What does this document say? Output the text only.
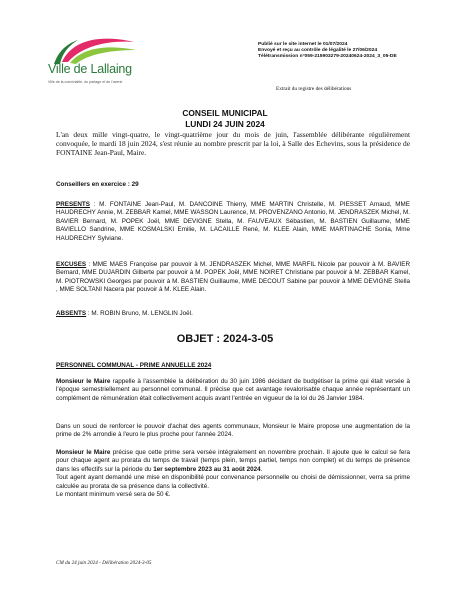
Ville de Lallaing
Ville de la convivialité, du partage et de l'avenir
Publié sur le site internet le 01/07/2024
Envoyé et reçu au contrôle de légalité le 27/06/2024
Télétransmission n°059-215903279-20240624-2024_3_05-DE
Extrait du registre des délibérations
CONSEIL MUNICIPAL
LUNDI 24 JUIN 2024
L'an deux mille vingt-quatre, le vingt-quatrième jour du mois de juin, l'assemblée délibérante régulièrement convoquée, le mardi 18 juin 2024, s'est réunie au nombre prescrit par la loi, à Salle des Echevins, sous la présidence de FONTAINE Jean-Paul, Maire.
Conseillers en exercice : 29
PRESENTS : M. FONTAINE Jean-Paul, M. DANCOINE Thierry, MME MARTIN Christelle, M. PIESSET Arnaud, MME HAUDRECHY Annie, M. ZEBBAR Kamel, MME WASSON Laurence, M. PROVENZANO Antonio, M. JENDRASZEK Michel, M. BAVIER Bernard, M. POPEK Joël, MME DEVIGNE Stella, M. FAUVEAUX Sébastien, M. BASTIEN Guillaume, MME BAVIELLO Sandrine, MME KOSMALSKI Emilie, M. LACAILLE René, M. KLEE Alain, MME MARTINACHE Sonia, Mme HAUDRECHY Sylviane.
EXCUSES : MME MAES Françoise par pouvoir à M. JENDRASZEK Michel, MME MARFIL Nicole par pouvoir à M. BAVIER Bernard, MME DUJARDIN Gilberte par pouvoir à M. POPEK Joël, MME NOIRET Christiane par pouvoir à M. ZEBBAR Kamel, M. PIOTROWSKI Georges par pouvoir à M. BASTIEN Guillaume, MME DECOUT Sabine par pouvoir à MME DEVIGNE Stella , MME SOLTANI Nacera par pouvoir à M. KLEE Alain.
ABSENTS : M. ROBIN Bruno, M. LENGLIN Joël.
OBJET : 2024-3-05
PERSONNEL COMMUNAL - PRIME ANNUELLE 2024
Monsieur le Maire rappelle à l'assemblée la délibération du 30 juin 1986 décidant de budgétiser la prime qui était versée à l'époque semestriellement au personnel communal. Il précise que cet avantage revalorisable chaque année représentant un complément de rémunération était collectivement acquis avant l'entrée en vigueur de la loi du 26 Janvier 1984.
Dans un souci de renforcer le pouvoir d'achat des agents communaux, Monsieur le Maire propose une augmentation de la prime de 2% arrondie à l'euro le plus proche pour l'année 2024.
Monsieur le Maire précise que cette prime sera versée intégralement en novembre prochain. Il ajoute que le calcul se fera pour chaque agent au prorata du temps de travail (temps plein, temps partiel, temps non complet) et du temps de présence dans les effectifs sur la période du 1er septembre 2023 au 31 août 2024.
Tout agent ayant demandé une mise en disponibilité pour convenance personnelle ou choisi de démissionner, verra sa prime calculée au prorata de sa présence dans la collectivité.
Le montant minimum versé sera de 50 €.
CM du 24 juin 2024 - Délibération 2024-3-05
